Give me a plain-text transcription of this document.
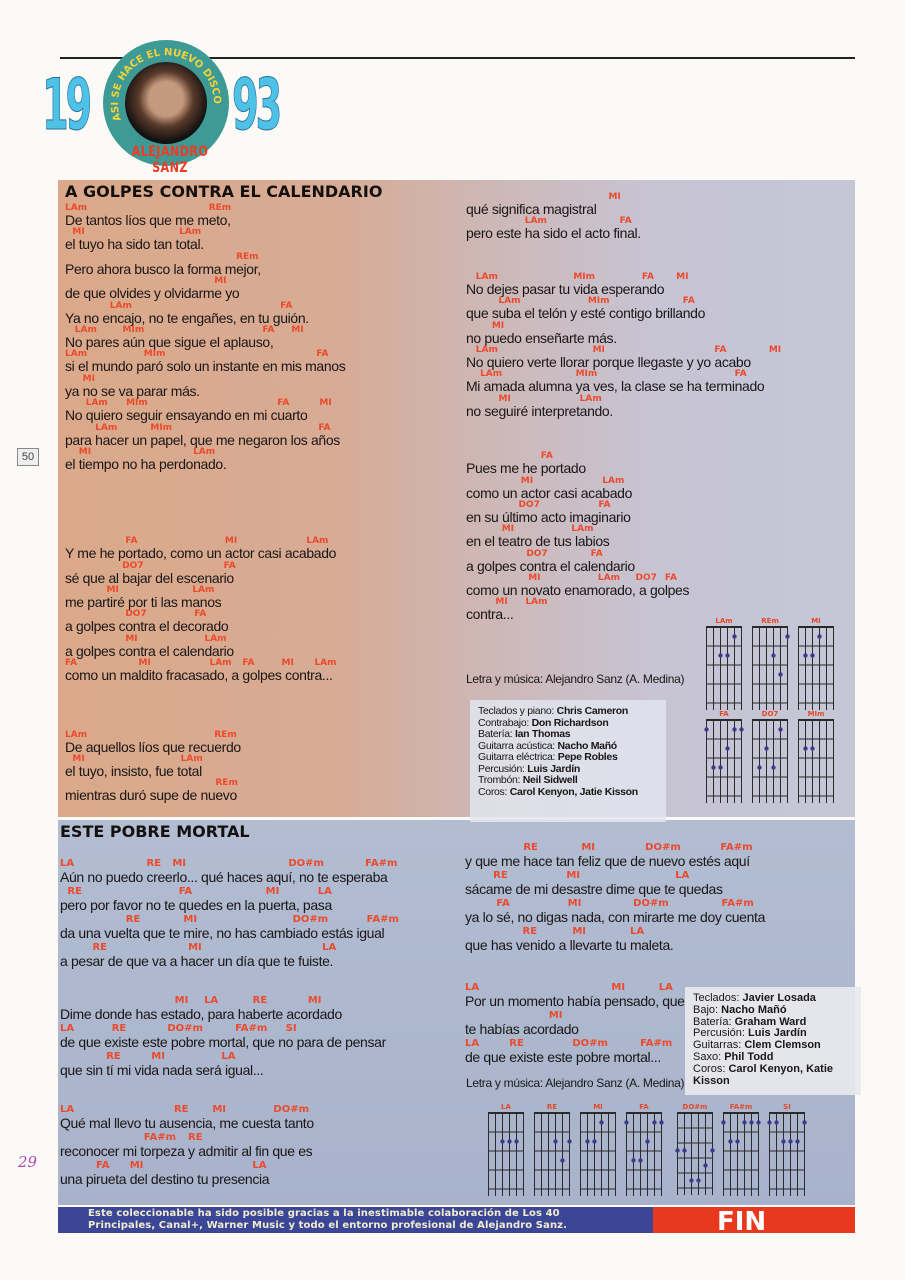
19 ASI SE HACE EL NUEVO DISCO 93
ALEJANDRO SANZ
50
29
A GOLPES CONTRA EL CALENDARIO
LAm	REm
De tantos líos que me meto,
MI	LAm
el tuyo ha sido tan total.
REm
Pero ahora busco la forma mejor,
MI
de que olvides y olvidarme yo
LAm	FA
Ya no encajo, no te engañes, en tu guión.
LAm	MIm	FA MI
No pares aún que sigue el aplauso,
LAm	MIm	FA
si el mundo paró solo un instante en mis manos
MI
ya no se va parar más.
LAm MIm	FA	MI
No quiero seguir ensayando en mi cuarto
LAm	MIm	FA
para hacer un papel, que me negaron los años
MI	LAm
el tiempo no ha perdonado.
FA	MI	LAm
Y me he portado, como un actor casi acabado
DO7	FA
sé que al bajar del escenario
MI	LAm
me partiré por ti las manos
DO7	FA
a golpes contra el decorado
MI	LAm
a golpes contra el calendario
FA	MI	LAm FA	MI LAm
como un maldito fracasado, a golpes contra...
LAm	REm
De aquellos líos que recuerdo
MI	LAm
el tuyo, insisto, fue total
REm
mientras duró supe de nuevo
MI
qué significa magistral
LAm	FA
pero este ha sido el acto final.
LAm	MIm	FA MI
No dejes pasar tu vida esperando
LAm	MIm	FA
que suba el telón y esté contigo brillando
MI
no puedo enseñarte más.
LAm	MI	FA	MI
No quiero verte llorar porque llegaste y yo acabo
LAm	MIm	FA
Mi amada alumna ya ves, la clase se ha terminado
MI	LAm
no seguiré interpretando.
FA
Pues me he portado
MI	LAm
como un actor casi acabado
DO7	FA
en su último acto imaginario
MI	LAm
en el teatro de tus labios
DO7	FA
a golpes contra el calendario
MI	LAm DO7 FA
como un novato enamorado, a golpes
MI LAm
contra...
Letra y música: Alejandro Sanz (A. Medina)
Teclados y piano: Chris Cameron
Contrabajo: Don Richardson
Batería: Ian Thomas
Guitarra acústica: Nacho Mañó
Guitarra eléctrica: Pepe Robles
Percusión: Luis Jardín
Trombón: Neil Sidwell
Coros: Carol Kenyon, Jatie Kisson
ESTE POBRE MORTAL
LA	RE MI	DO#m	FA#m
Aún no puedo creerlo... qué haces aquí, no te esperaba
RE	FA	MI	LA
pero por favor no te quedes en la puerta, pasa
RE	MI	DO#m	FA#m
da una vuelta que te mire, no has cambiado estás igual
RE	MI	LA
a pesar de que va a hacer un día que te fuiste.
MI LA	RE	MI
Dime donde has estado, para haberte acordado
LA	RE	DO#m	FA#m SI
de que existe este pobre mortal, que no para de pensar
RE	MI	LA
que sin tí mi vida nada será igual...
LA	RE MI	DO#m
Qué mal llevo tu ausencia, me cuesta tanto
FA#m RE
reconocer mi torpeza y admitir al fin que es
FA MI	LA
una pirueta del destino tu presencia
RE	MI	DO#m	FA#m
y que me hace tan feliz que de nuevo estés aquí
RE	MI	LA
sácame de mi desastre dime que te quedas
FA	MI	DO#m	FA#m
ya lo sé, no digas nada, con mirarte me doy cuenta
RE	MI	LA
que has venido a llevarte tu maleta.
LA	MI	LA
Por un momento había pensado, que
MI
te habías acordado
LA	RE	DO#m	FA#m
de que existe este pobre mortal...
Letra y música: Alejandro Sanz (A. Medina)
Teclados: Javier Losada
Bajo: Nacho Mañó
Batería: Graham Ward
Percusión: Luis Jardín
Guitarras: Clem Clemson
Saxo: Phil Todd
Coros: Carol Kenyon, Katie Kisson
Este coleccionable ha sido posible gracias a la inestimable colaboración de Los 40
Principales, Canal+, Warner Music y todo el entorno profesional de Alejandro Sanz.	FIN
LAm	REm	MI
FA	DO7	MIm
LA	RE	MI	FA	DO#m	FA#m	SI
